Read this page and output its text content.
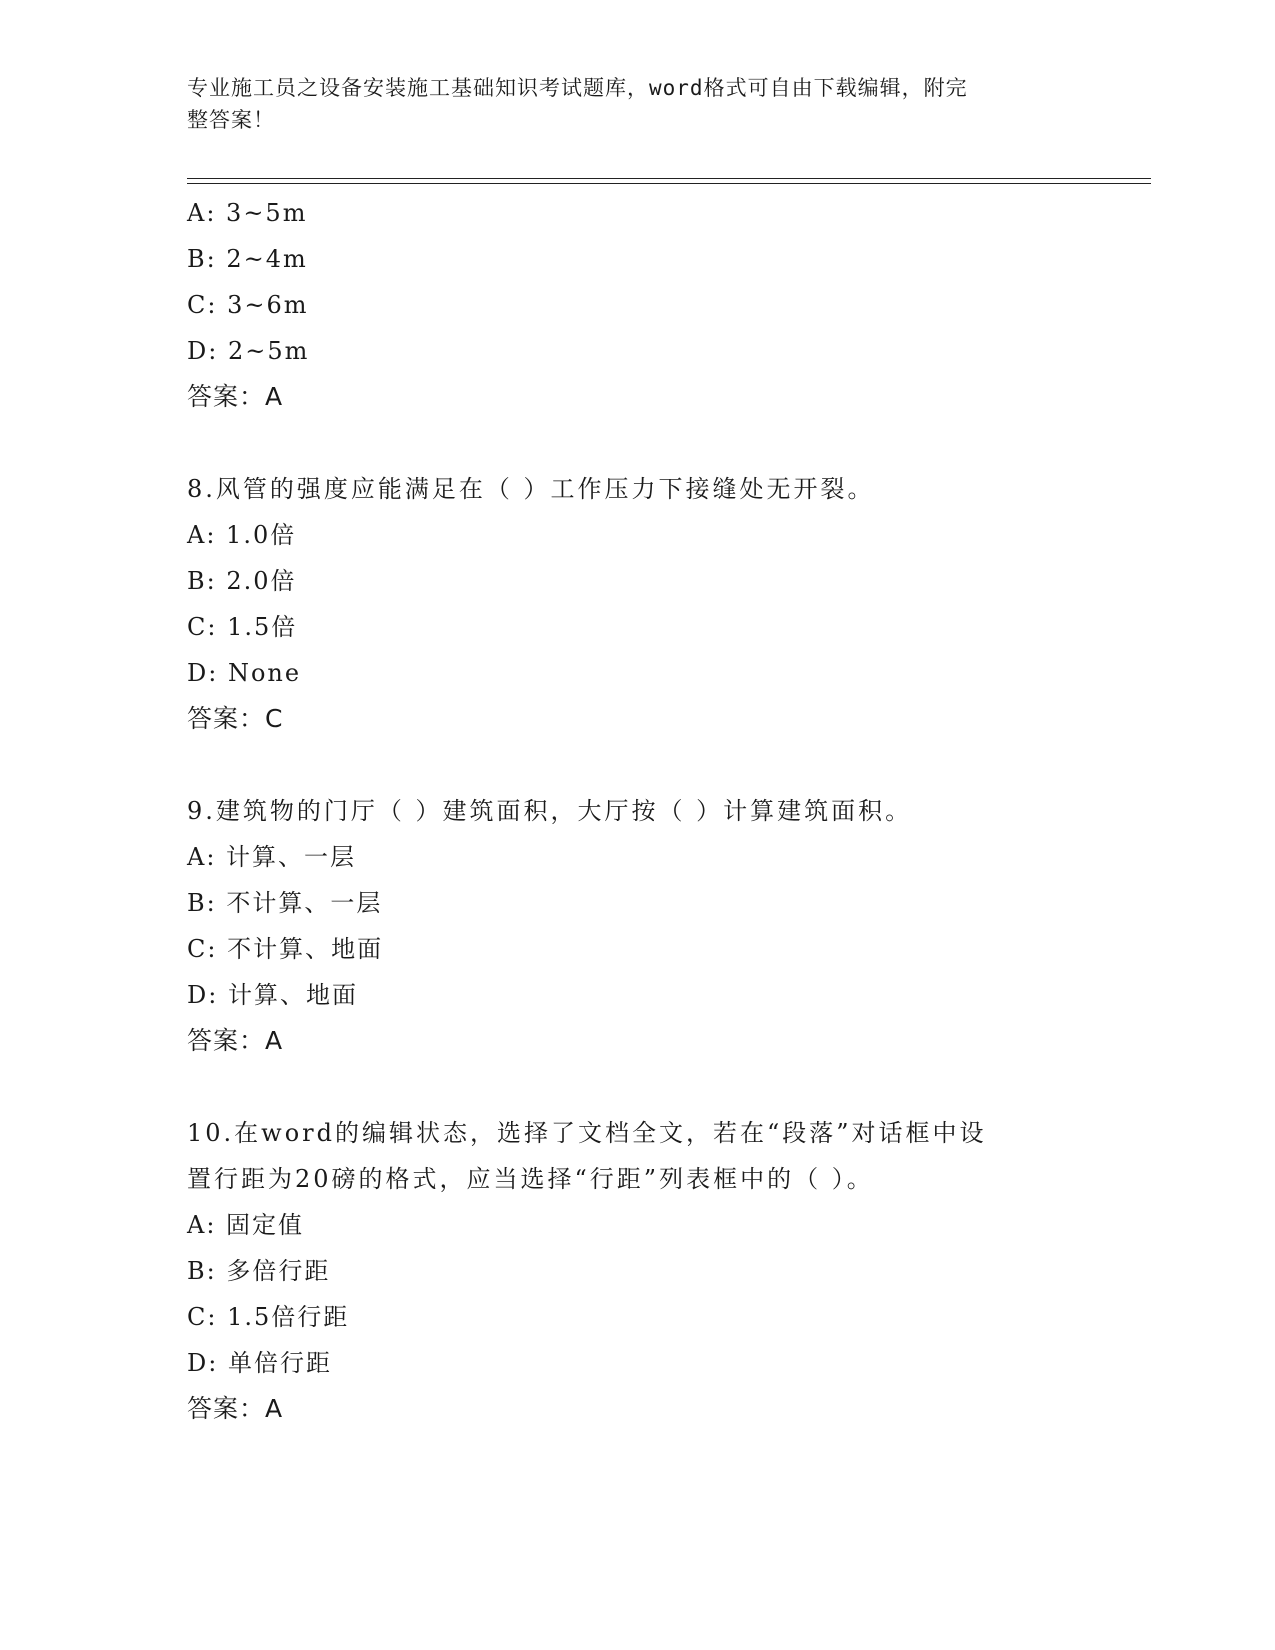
专业施工员之设备安装施工基础知识考试题库，word格式可自由下载编辑，附完
整答案！
A: 3~5m
B: 2~4m
C: 3~6m
D: 2~5m
答案：A
8.风管的强度应能满足在（ ）工作压力下接缝处无开裂。
A: 1.0倍
B: 2.0倍
C: 1.5倍
D: None
答案：C
9.建筑物的门厅（ ）建筑面积，大厅按（ ）计算建筑面积。
A: 计算、一层
B: 不计算、一层
C: 不计算、地面
D: 计算、地面
答案：A
10.在word的编辑状态，选择了文档全文，若在“段落”对话框中设
置行距为20磅的格式，应当选择“行距”列表框中的（ ）。
A: 固定值
B: 多倍行距
C: 1.5倍行距
D: 单倍行距
答案：A
